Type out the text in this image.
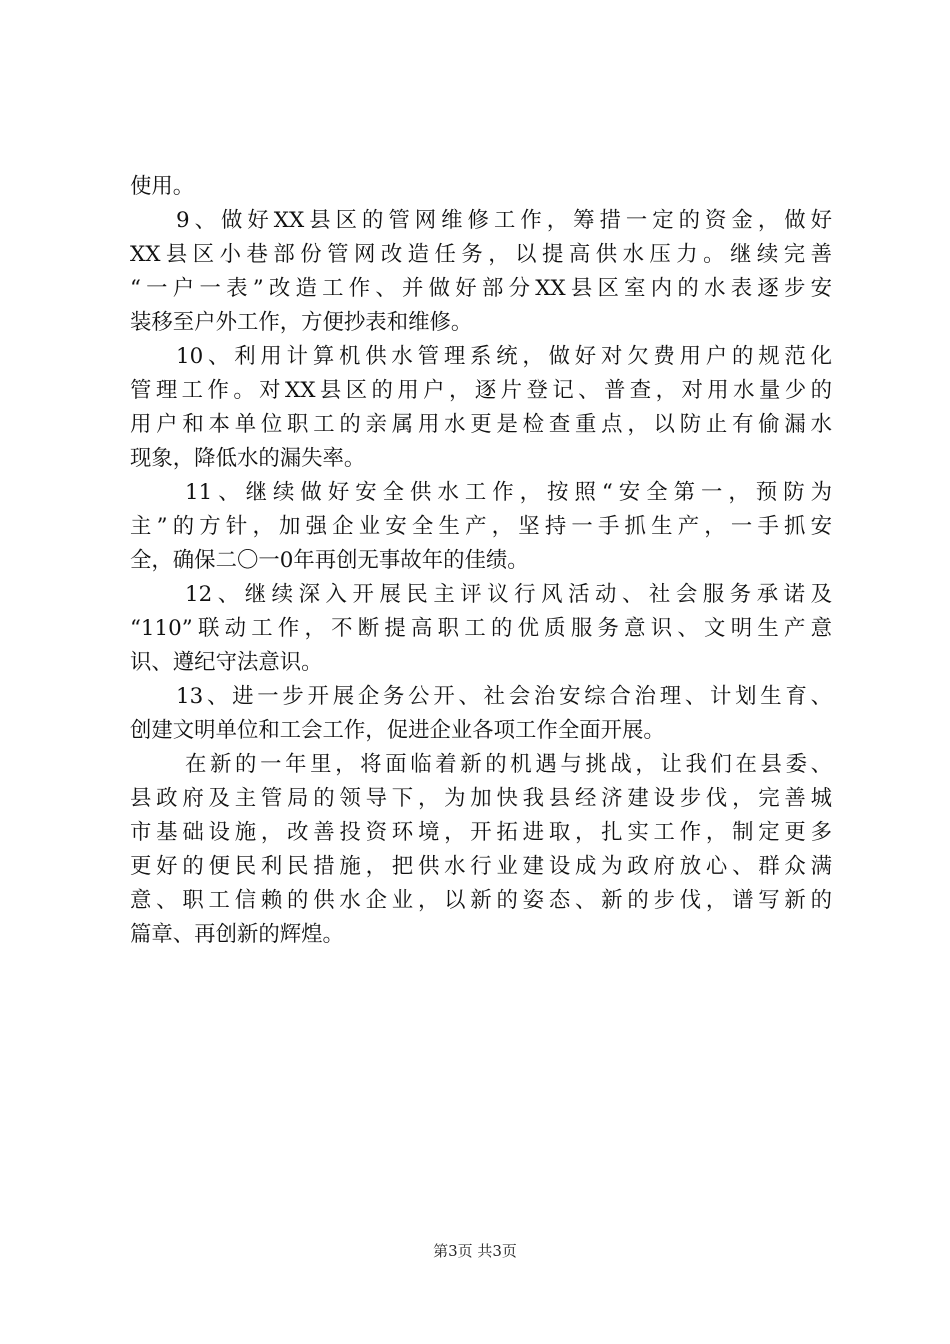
使用。
9、做好XX县区的管网维修工作，筹措一定的资金，做好
XX县区小巷部份管网改造任务，以提高供水压力。继续完善
“一户一表”改造工作、并做好部分XX县区室内的水表逐步安
装移至户外工作，方便抄表和维修。
10、利用计算机供水管理系统，做好对欠费用户的规范化
管理工作。对XX县区的用户，逐片登记、普查，对用水量少的
用户和本单位职工的亲属用水更是检查重点，以防止有偷漏水
现象，降低水的漏失率。
11、继续做好安全供水工作，按照“安全第一，预防为
主”的方针，加强企业安全生产，坚持一手抓生产，一手抓安
全，确保二〇一0年再创无事故年的佳绩。
12、继续深入开展民主评议行风活动、社会服务承诺及
“110”联动工作，不断提高职工的优质服务意识、文明生产意
识、遵纪守法意识。
13、进一步开展企务公开、社会治安综合治理、计划生育、
创建文明单位和工会工作，促进企业各项工作全面开展。
在新的一年里，将面临着新的机遇与挑战，让我们在县委、
县政府及主管局的领导下，为加快我县经济建设步伐，完善城
市基础设施，改善投资环境，开拓进取，扎实工作，制定更多
更好的便民利民措施，把供水行业建设成为政府放心、群众满
意、职工信赖的供水企业，以新的姿态、新的步伐，谱写新的
篇章、再创新的辉煌。
第3页 共3页
